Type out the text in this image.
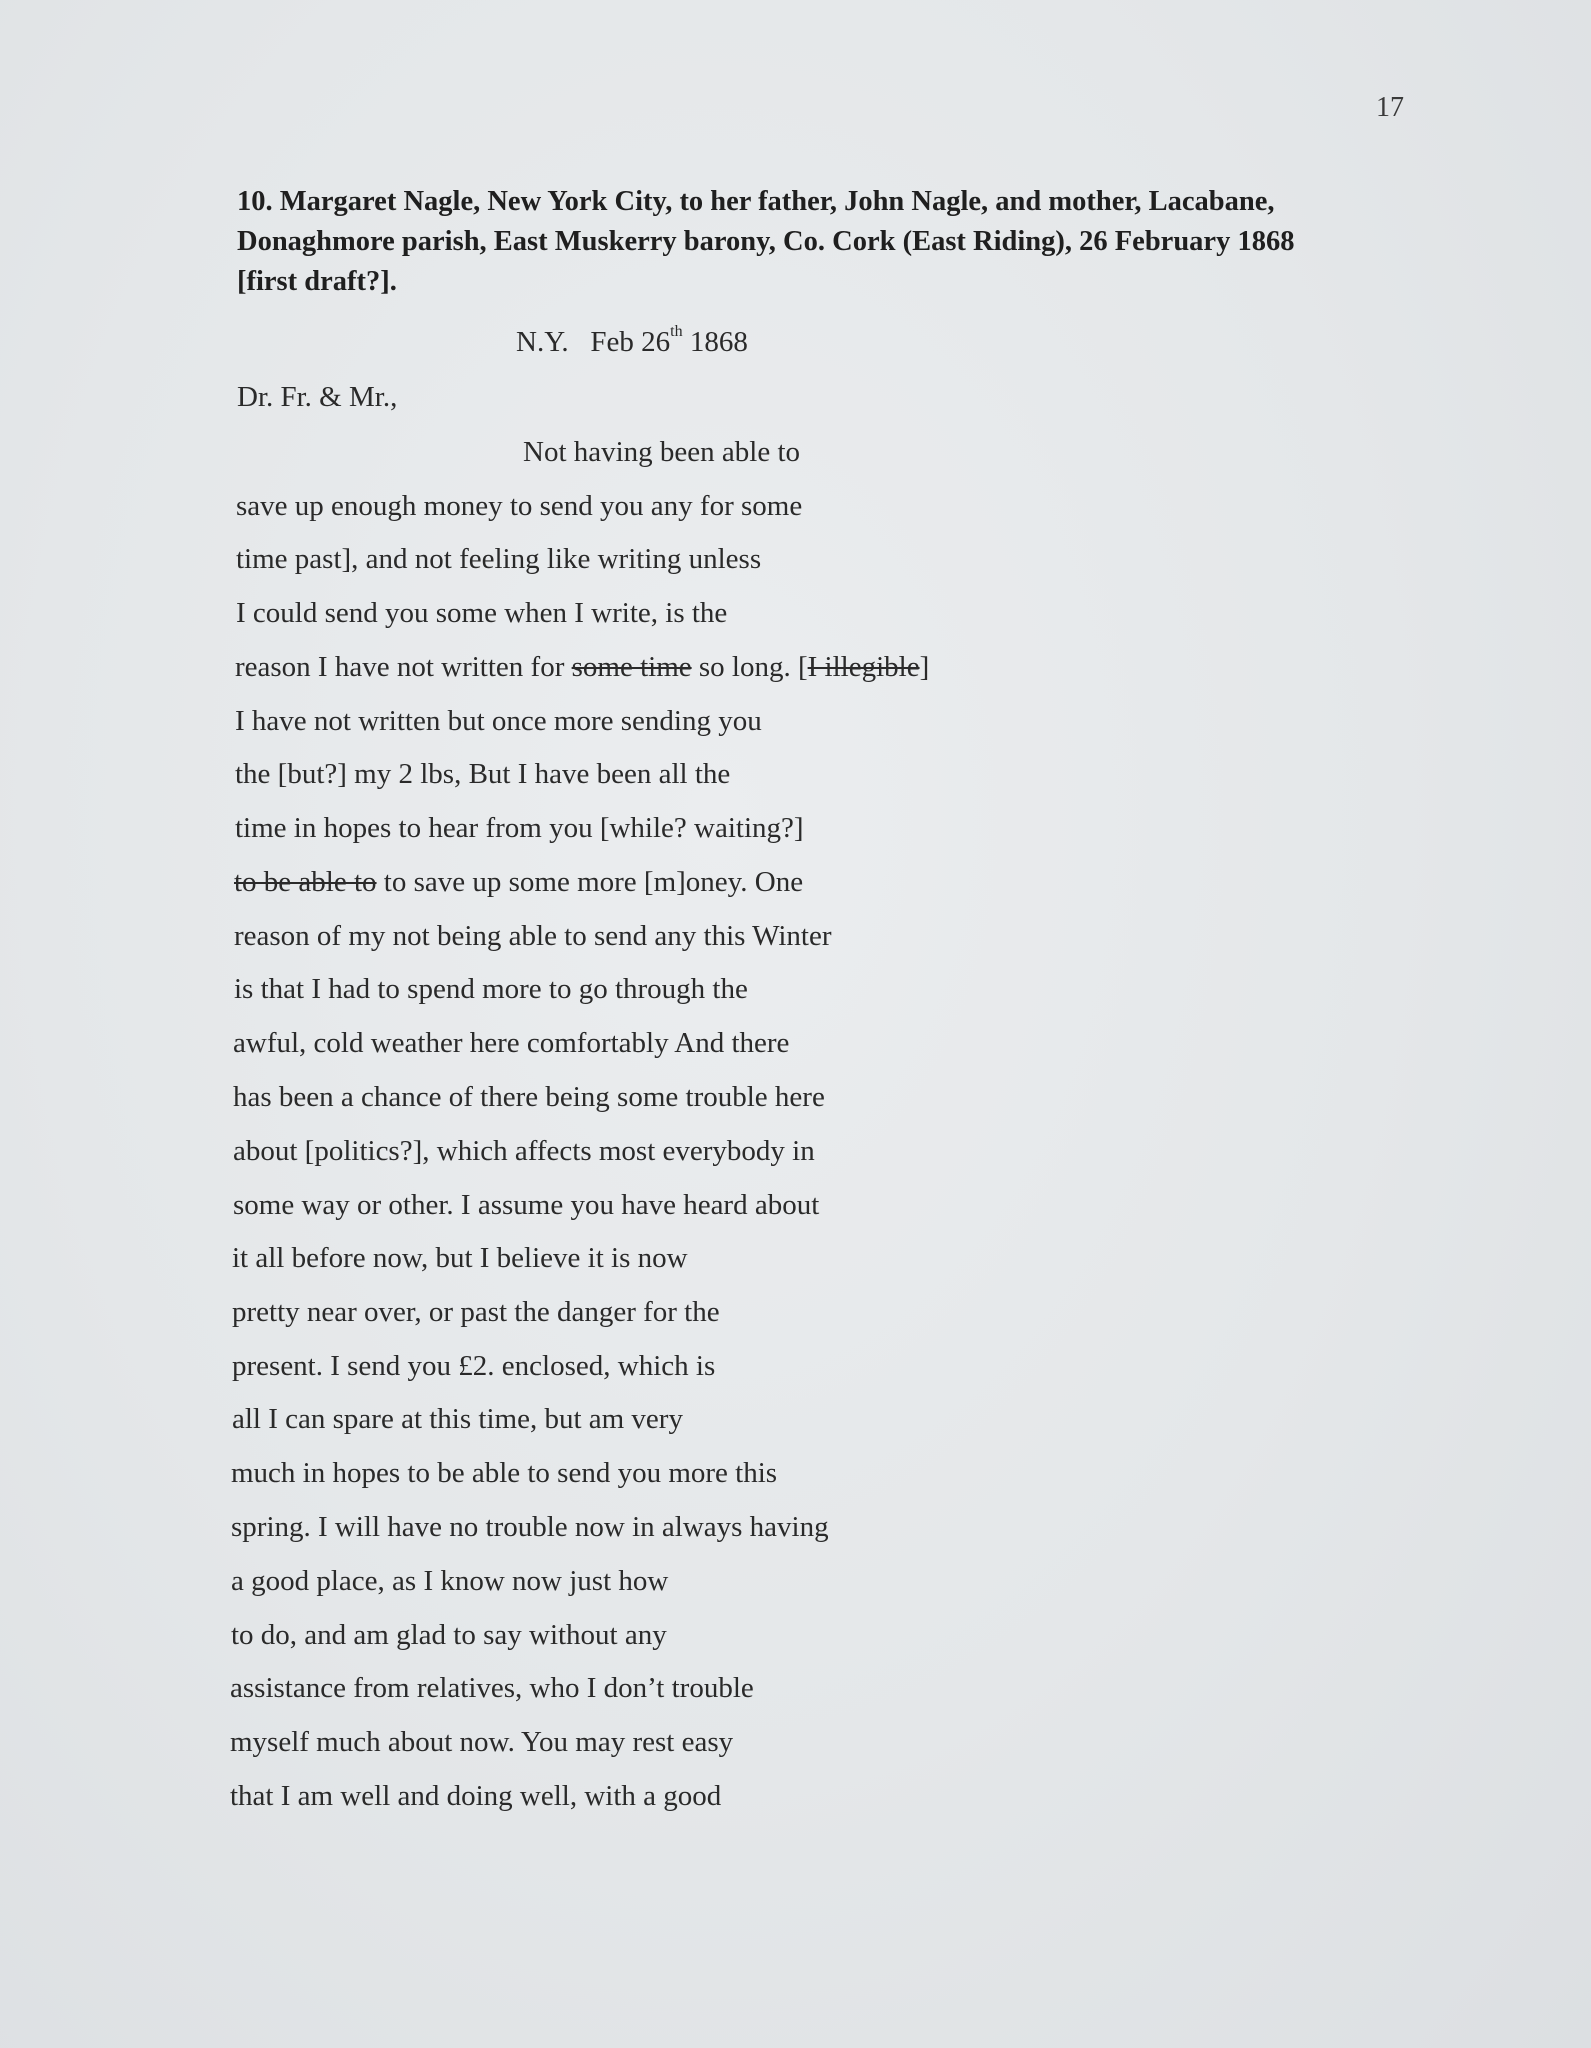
17
10. Margaret Nagle, New York City, to her father, John Nagle, and mother, Lacabane,
Donaghmore parish, East Muskerry barony, Co. Cork (East Riding), 26 February 1868
[first draft?].
N.Y. Feb 26th 1868
Dr. Fr. & Mr.,
Not having been able to
save up enough money to send you any for some
time past], and not feeling like writing unless
I could send you some when I write, is the
reason I have not written for some time so long. [I illegible]
I have not written but once more sending you
the [but?] my 2 lbs, But I have been all the
time in hopes to hear from you [while? waiting?]
to be able to to save up some more [m]oney. One
reason of my not being able to send any this Winter
is that I had to spend more to go through the
awful, cold weather here comfortably And there
has been a chance of there being some trouble here
about [politics?], which affects most everybody in
some way or other. I assume you have heard about
it all before now, but I believe it is now
pretty near over, or past the danger for the
present. I send you £2. enclosed, which is
all I can spare at this time, but am very
much in hopes to be able to send you more this
spring. I will have no trouble now in always having
a good place, as I know now just how
to do, and am glad to say without any
assistance from relatives, who I don’t trouble
myself much about now. You may rest easy
that I am well and doing well, with a good
